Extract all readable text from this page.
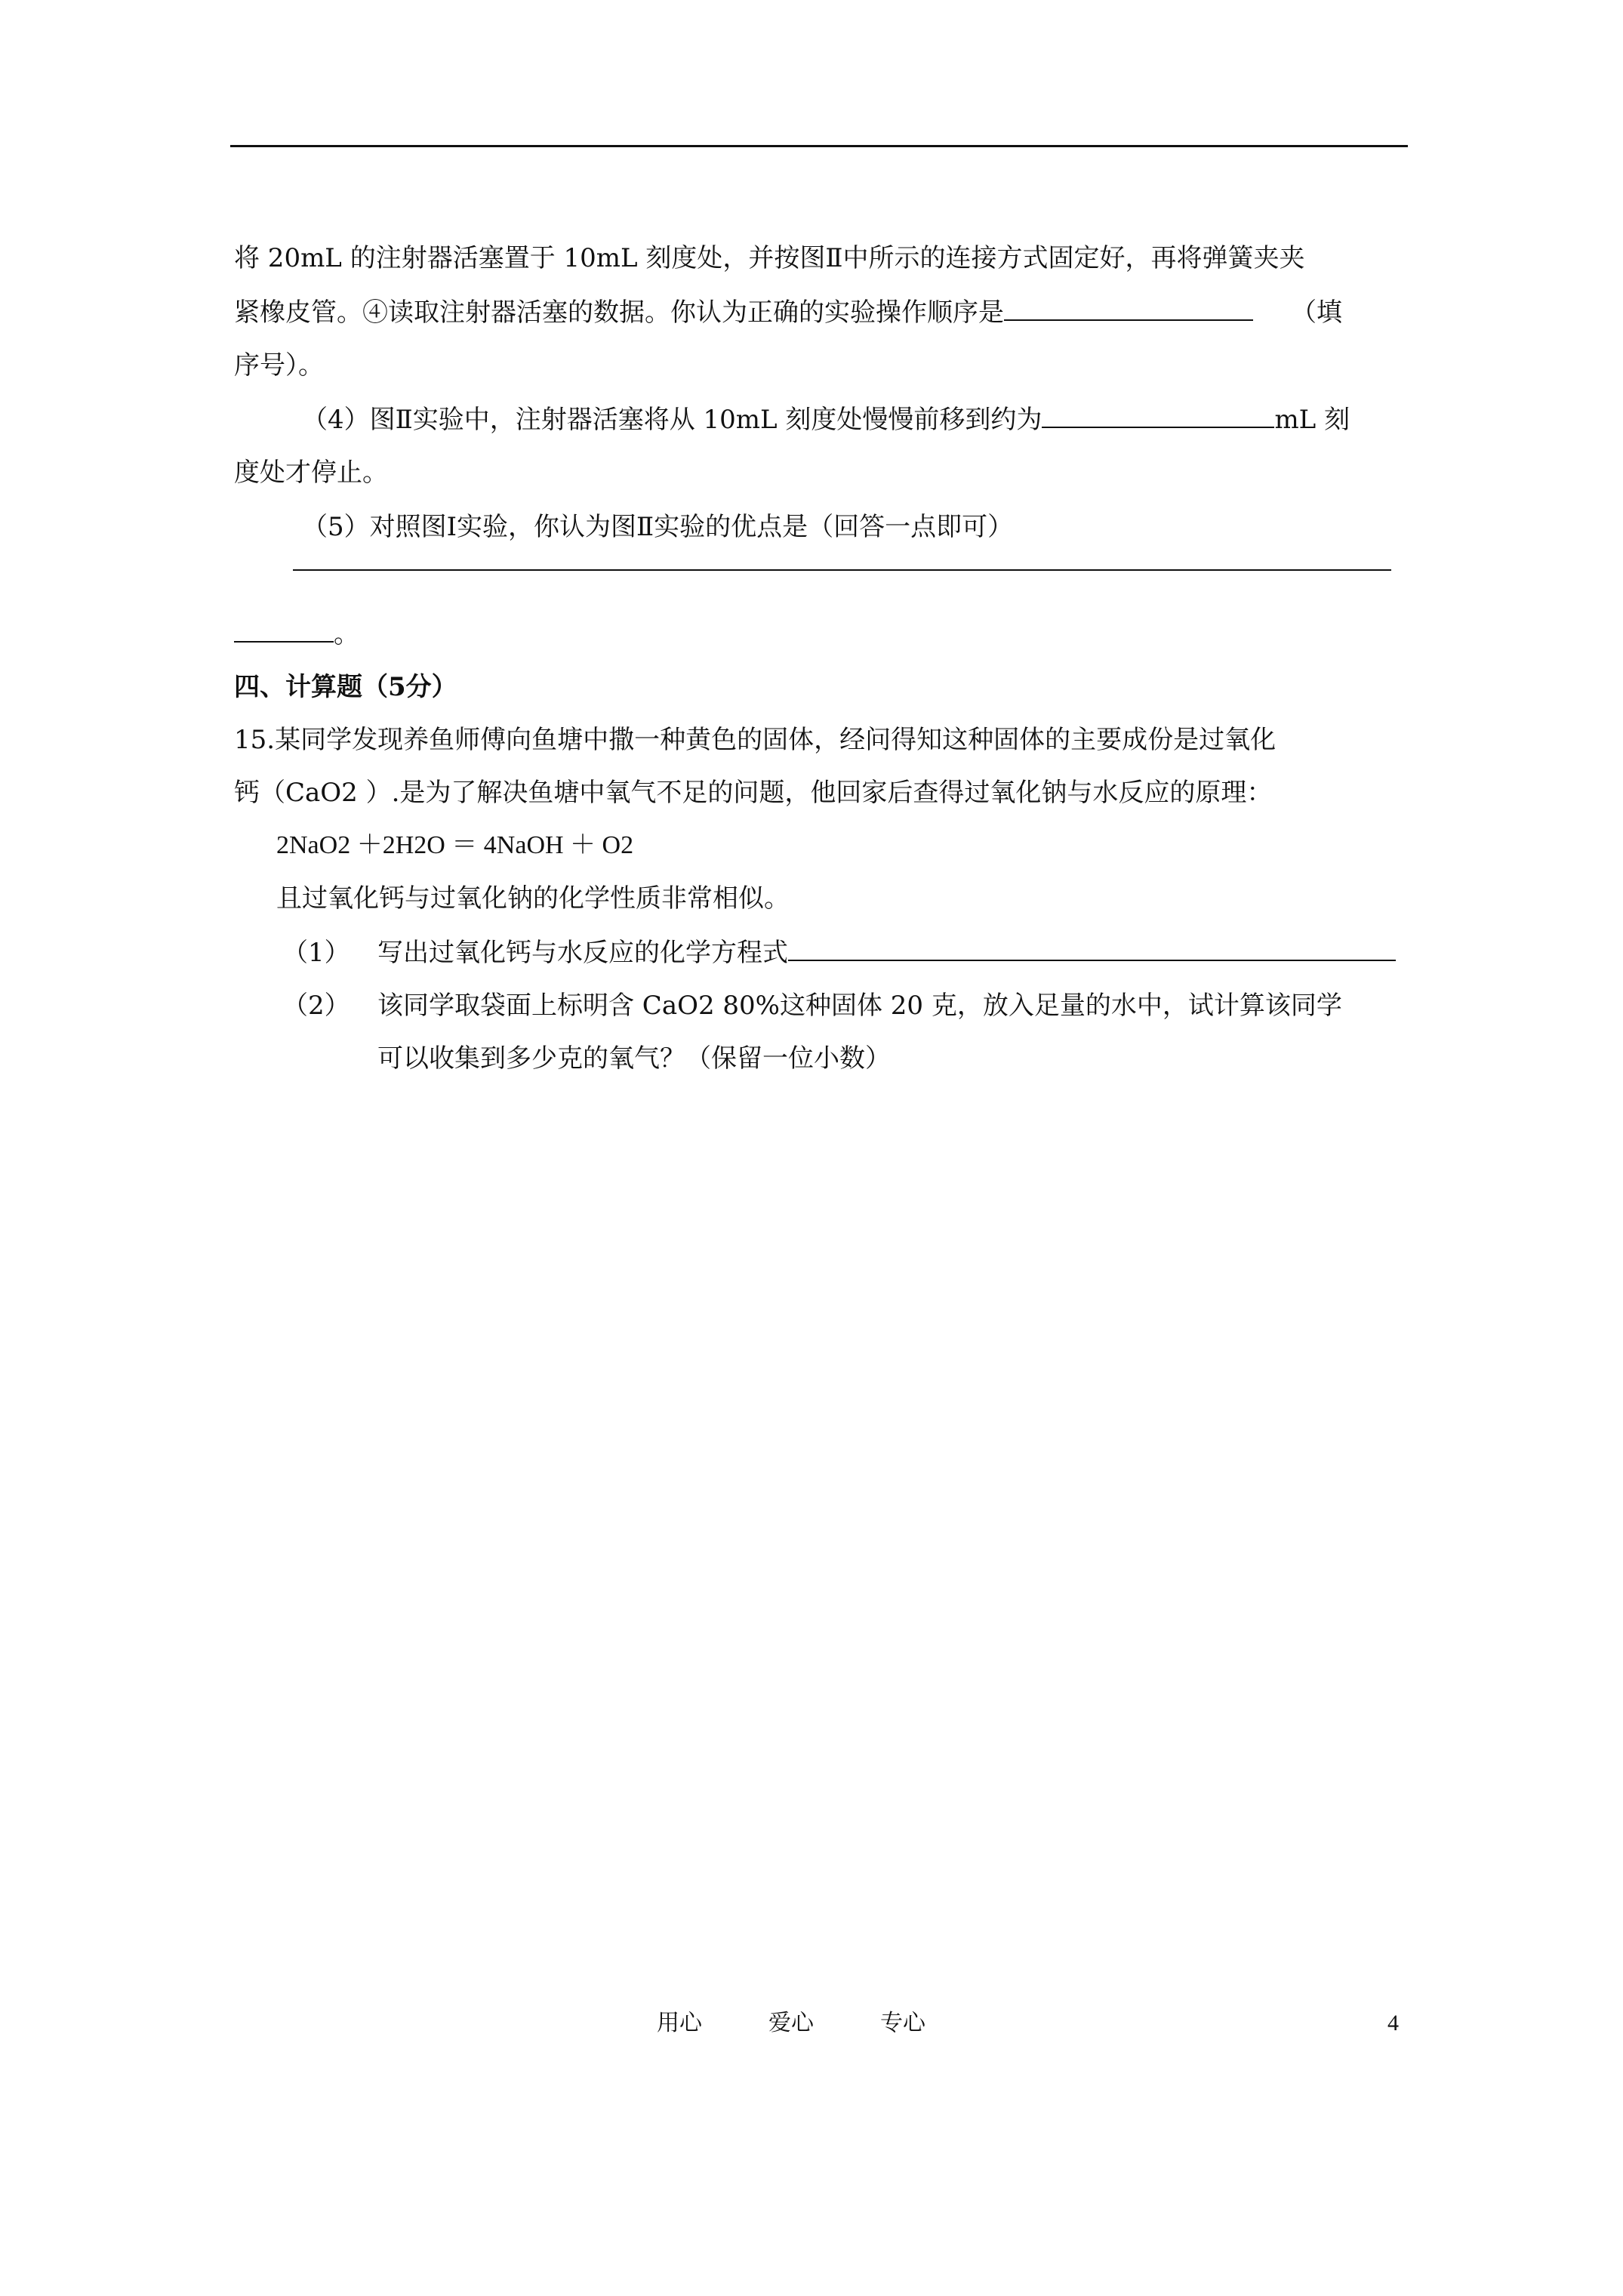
将 20mL 的注射器活塞置于 10mL 刻度处，并按图Ⅱ中所示的连接方式固定好，再将弹簧夹夹
紧橡皮管。④读取注射器活塞的数据。你认为正确的实验操作顺序是	（填
序号）。
（4）图Ⅱ实验中，注射器活塞将从 10mL 刻度处慢慢前移到约为	mL 刻
度处才停止。
（5）对照图Ⅰ实验，你认为图Ⅱ实验的优点是（回答一点即可）
。
四、计算题（5分）
15.某同学发现养鱼师傅向鱼塘中撒一种黄色的固体，经问得知这种固体的主要成份是过氧化
钙（CaO2 ）.是为了解决鱼塘中氧气不足的问题，他回家后查得过氧化钠与水反应的原理：
2NaO2 ＋2H2O ＝ 4NaOH ＋ O2
且过氧化钙与过氧化钠的化学性质非常相似。
（1） 写出过氧化钙与水反应的化学方程式
（2） 该同学取袋面上标明含 CaO2 80%这种固体 20 克，放入足量的水中，试计算该同学
可以收集到多少克的氧气？（保留一位小数）
用心	爱心	专心	4
